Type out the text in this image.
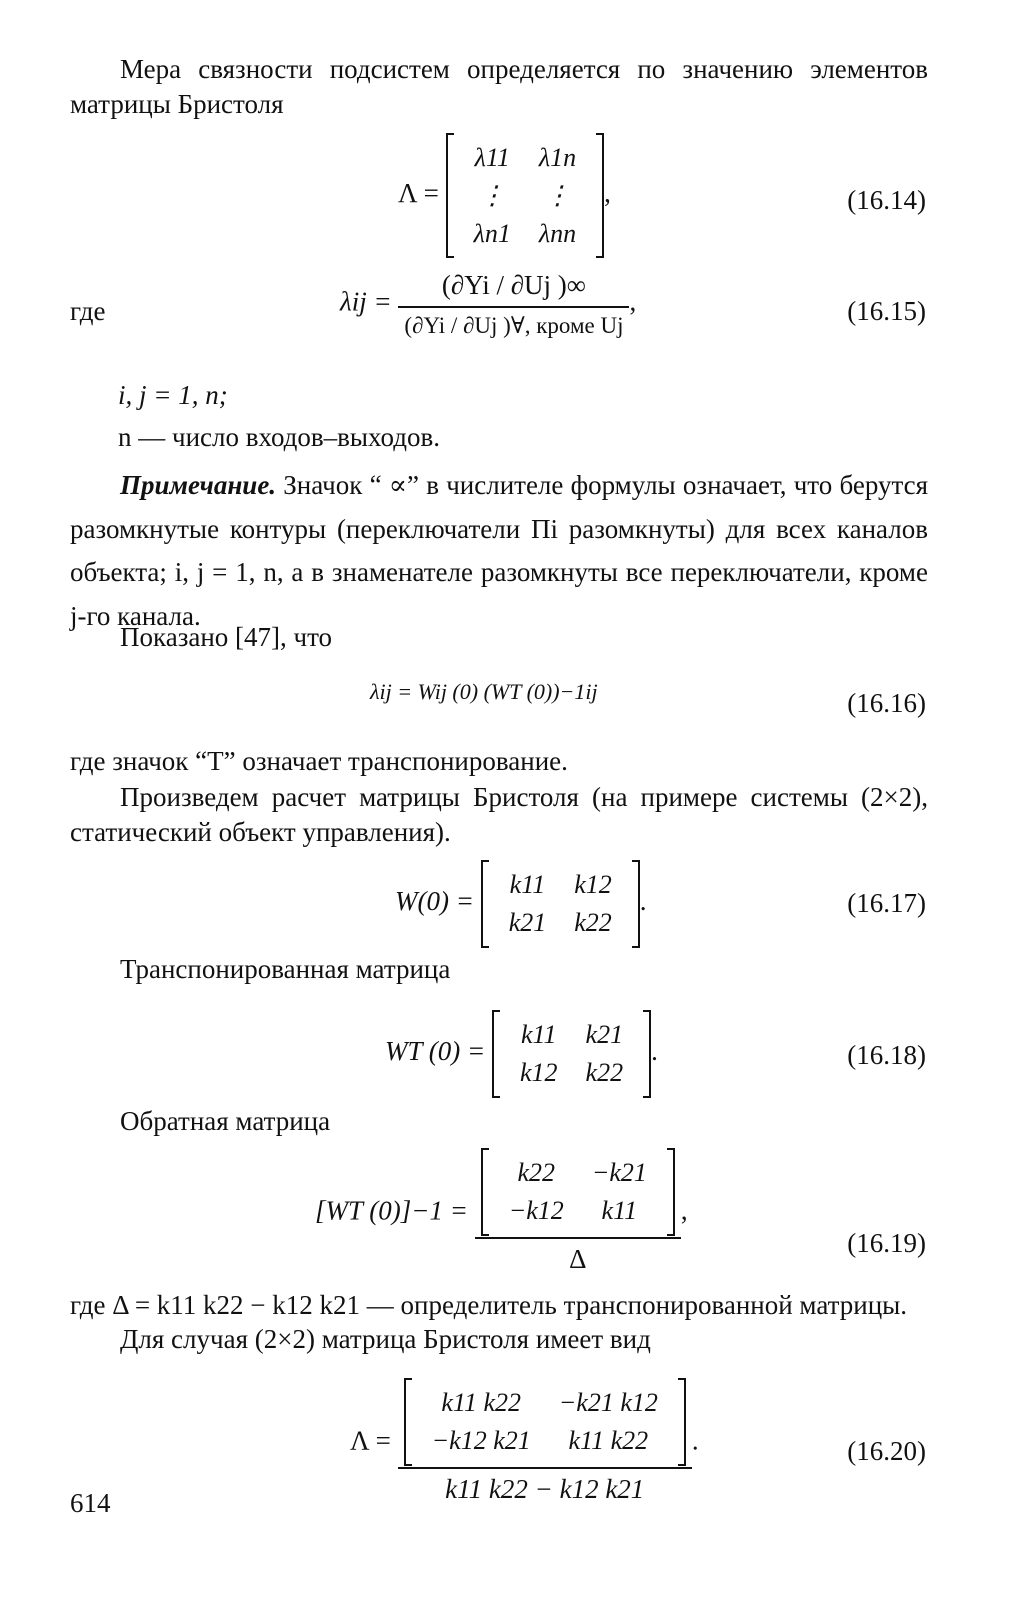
Мера связности подсистем определяется по значению элементов матрицы Бристоля
Λ =
λ11	λ1n
⋮	⋮
λn1	λnn
,	(16.14)
где	$\lambda ij = \frac{(\partial Yi / \partial Uj )\infty}{\text{(∂Yi / ∂Uj )∀, кроме Uj}}$ ,	(16.15)
i, j = 1, n;
n — число входов–выходов.
Примечание. Значок “ ∝” в числителе формулы означает, что берутся разомкнутые контуры (переключатели Пi разомкнуты) для всех каналов объекта; i, j = 1, n, а в знаменателе разомкнуты все переключатели, кроме j-го канала.
Показано [47], что
λij = Wij (0) (WT (0))−1ij	(16.16)
где значок “T” означает транспонирование.
Произведем расчет матрицы Бристоля (на примере системы (2×2), статический объект управления).
W(0) =
k11	k12
k21	k22
.	(16.17)
Транспонированная матрица
WT (0) =
k11	k21
k12	k22
.	(16.18)
Обратная матрица
[WT (0)]−1 = k22	−k21
−k12	k11
Δ ,
(16.19)
где Δ = k11 k22 − k12 k21 — определитель транспонированной матрицы.
Для случая (2×2) матрица Бристоля имеет вид
Λ = k11 k22	−k21 k12
−k12 k21	k11 k22
k11 k22 − k12 k21 .	(16.20)
614
